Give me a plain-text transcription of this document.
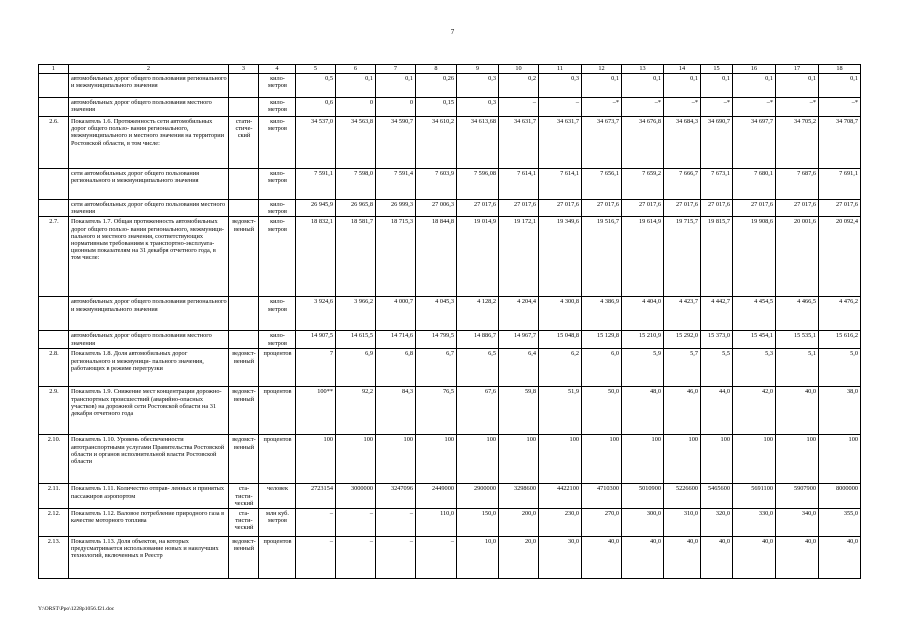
7
1	2	3	4	5	6	7	8	9	10	11	12	13	14	15	16	17	18
	автомобильных дорог общего пользования регионального и межмуниципального значения		кило- метров	0,5	0,1	0,1	0,26	0,3	0,2	0,3	0,1	0,1	0,1	0,1	0,1	0,1	0,1
	автомобильных дорог общего пользования местного значения		кило- метров	0,6	0	0	0,15	0,3	–	–	–*	–*	–*	–*	–*	–*	–*
2.6.	Показатель 1.6. Протяженность сети автомобильных дорог общего пользо- вания регионального, межмуниципального и местного значения на территории Ростовской области, в том числе:	стати- стиче- ский	кило- метров	34 537,0	34 563,8	34 590,7	34 610,2	34 613,68	34 631,7	34 631,7	34 673,7	34 676,8	34 684,3	34 690,7	34 697,7	34 705,2	34 708,7
	сети автомобильных дорог общего пользования регионального и межмуниципального значения		кило- метров	7 591,1	7 598,0	7 591,4	7 603,9	7 596,08	7 614,1	7 614,1	7 656,1	7 659,2	7 666,7	7 673,1	7 680,1	7 687,6	7 691,1
	сети автомобильных дорог общего пользования местного значения		кило- метров	26 945,9	26 965,8	26 999,3	27 006,3	27 017,6	27 017,6	27 017,6	27 017,6	27 017,6	27 017,6	27 017,6	27 017,6	27 017,6	27 017,6
2.7.	Показатель 1.7. Общая протяженность автомобильных дорог общего пользо- вания регионального, межмуници- пального и местного значения, соответствующих нормативным требованиям к транспортно-эксплуата- ционным показателям на 31 декабря отчетного года, в том числе:	ведомст- венный	кило- метров	18 832,1	18 581,7	18 715,3	18 844,8	19 014,9	19 172,1	19 349,6	19 516,7	19 614,9	19 715,7	19 815,7	19 908,6	20 001,6	20 092,4
	автомобильных дорог общего пользования регионального и межмуниципального значения		кило- метров	3 924,6	3 966,2	4 000,7	4 045,3	4 128,2	4 204,4	4 300,8	4 386,9	4 404,0	4 423,7	4 442,7	4 454,5	4 466,5	4 476,2
	автомобильных дорог общего пользования местного значения		кило- метров	14 907,5	14 615,5	14 714,6	14 799,5	14 886,7	14 967,7	15 048,8	15 129,8	15 210,9	15 292,0	15 373,0	15 454,1	15 535,1	15 616,2
2.8.	Показатель 1.8. Доля автомобильных дорог регионального и межмуници- пального значения, работающих в режиме перегрузки	ведомст- венный	процентов	7	6,9	6,8	6,7	6,5	6,4	6,2	6,0	5,9	5,7	5,5	5,3	5,1	5,0
2.9.	Показатель 1.9. Снижение мест концентрации дорожно-транспортных происшествий (аварийно-опасных участков) на дорожной сети Ростовской области на 31 декабря отчетного года	ведомст- венный	процентов	100**	92,2	84,3	76,5	67,6	59,8	51,9	50,0	48,0	46,0	44,0	42,0	40,0	38,0
2.10.	Показатель 1.10. Уровень обеспеченности автотранспортными услугами Правительства Ростовской области и органов исполнительной власти Ростовской области	ведомст- венный	процентов	100	100	100	100	100	100	100	100	100	100	100	100	100	100
2.11.	Показатель 1.11. Количество отправ- ленных и принятых пассажиров аэропортом	ста- тисти- ческий	человек	2723154	3000000	3247096	2449000	2900000	3298600	4422100	4710300	5010900	5226600	5465600	5691100	5907900	8000000
2.12.	Показатель 1.12. Валовое потребление природного газа в качестве моторного топлива	ста- тисти- ческий	млн куб. метров	–	–	–	110,0	150,0	200,0	230,0	270,0	300,0	310,0	320,0	330,0	340,0	355,0
2.13.	Показатель 1.13. Доля объектов, на которых предусматривается использование новых и наилучших технологий, включенных в Реестр	ведомст- венный	процентов	–	–	–	–	10,0	20,0	30,0	40,0	40,0	40,0	40,0	40,0	40,0	40,0
Y:\ORST\Ppo\1228p1056.f21.doc
